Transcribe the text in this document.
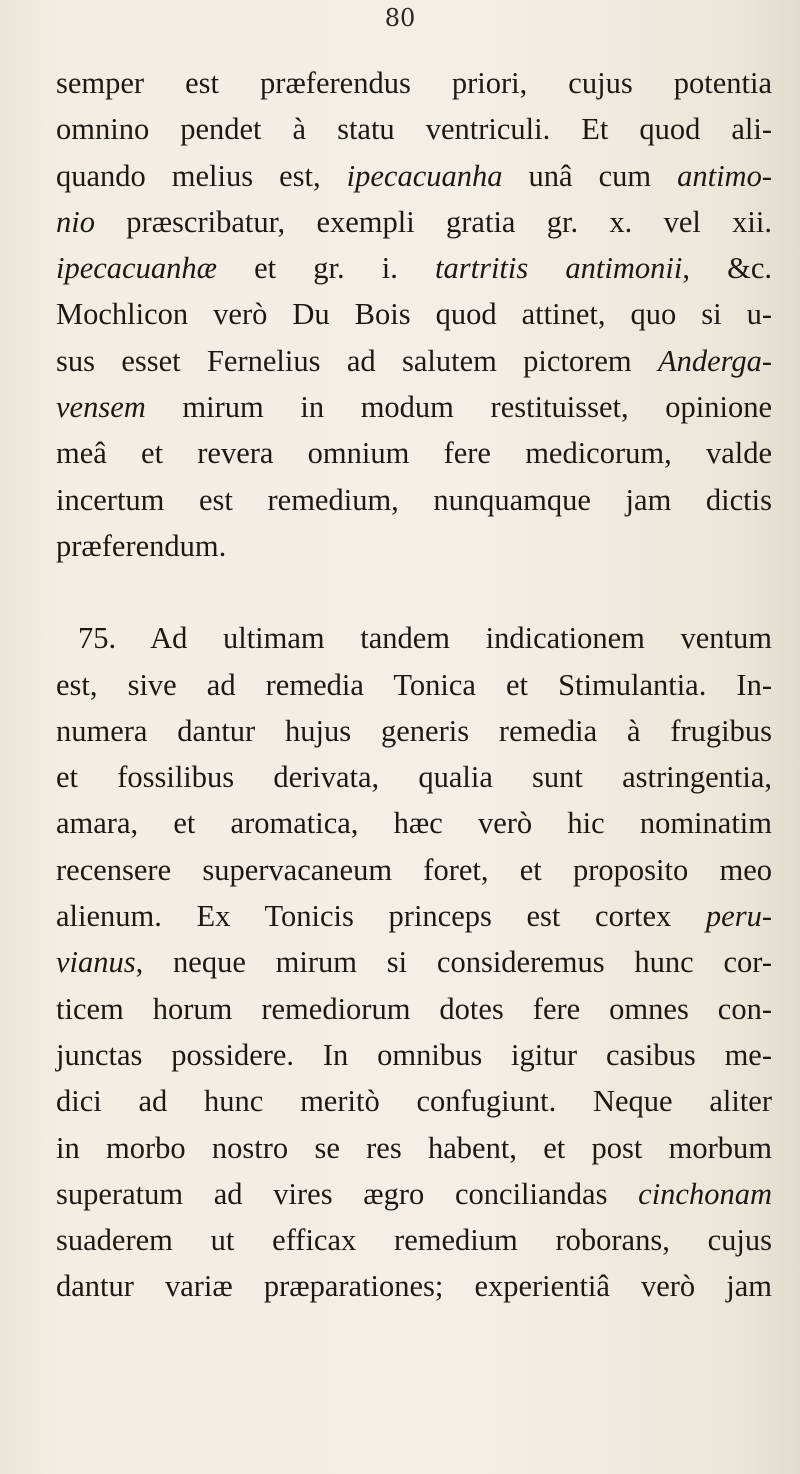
80
semper est præferendus priori, cujus potentia
omnino pendet à statu ventriculi. Et quod ali-
quando melius est, ipecacuanha unâ cum antimo-
nio præscribatur, exempli gratia gr. x. vel xii.
ipecacuanhæ et gr. i. tartritis antimonii, &c.
Mochlicon verò Du Bois quod attinet, quo si u-
sus esset Fernelius ad salutem pictorem Anderga-
vensem mirum in modum restituisset, opinione
meâ et revera omnium fere medicorum, valde
incertum est remedium, nunquamque jam dictis
præferendum.
75. Ad ultimam tandem indicationem ventum
est, sive ad remedia Tonica et Stimulantia. In-
numera dantur hujus generis remedia à frugibus
et fossilibus derivata, qualia sunt astringentia,
amara, et aromatica, hæc verò hic nominatim
recensere supervacaneum foret, et proposito meo
alienum. Ex Tonicis princeps est cortex peru-
vianus, neque mirum si consideremus hunc cor-
ticem horum remediorum dotes fere omnes con-
junctas possidere. In omnibus igitur casibus me-
dici ad hunc meritò confugiunt. Neque aliter
in morbo nostro se res habent, et post morbum
superatum ad vires ægro conciliandas cinchonam
suaderem ut efficax remedium roborans, cujus
dantur variæ præparationes; experientiâ verò jam
